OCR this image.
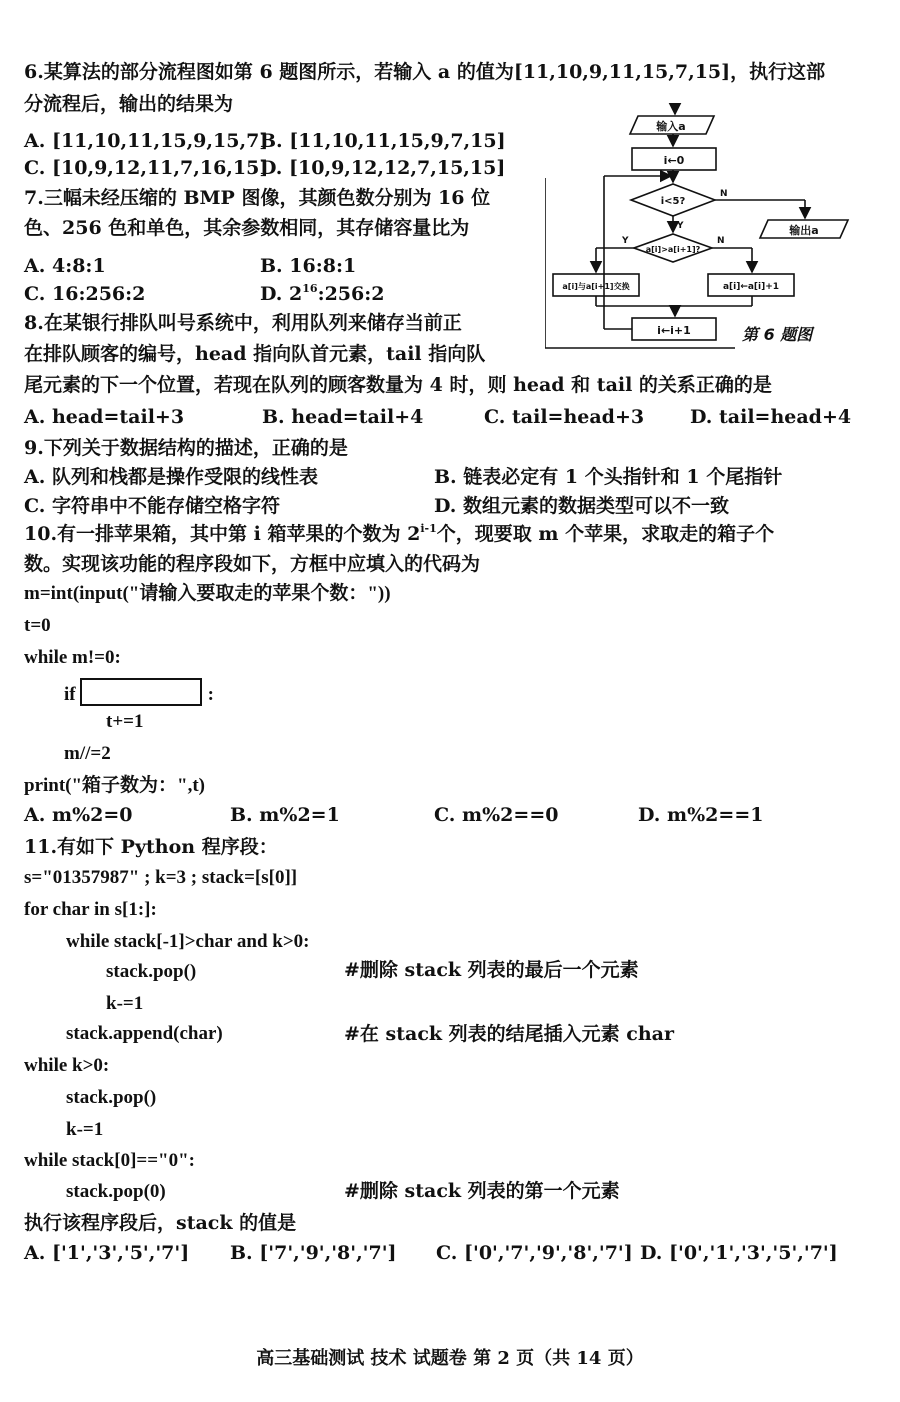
6.某算法的部分流程图如第 6 题图所示，若输入 a 的值为[11,10,9,11,15,7,15]，执行这部
分流程后，输出的结果为
A. [11,10,11,15,9,15,7]
B. [11,10,11,15,9,7,15]
C. [10,9,12,11,7,16,15]
D. [10,9,12,12,7,15,15]
输入a
i←0
i<5?
N
Y	输出a
a[i]>a[i+1]?
Y	N
a[i]与a[i+1]交换	a[i]←a[i]+1
i←i+1	第 6 题图
7.三幅未经压缩的 BMP 图像，其颜色数分别为 16 位
色、256 色和单色，其余参数相同，其存储容量比为
A. 4:8:1	B. 16:8:1
C. 16:256:2	D. $2^{16}:256:2$
8.在某银行排队叫号系统中，利用队列来储存当前正
在排队顾客的编号，head 指向队首元素，tail 指向队
尾元素的下一个位置，若现在队列的顾客数量为 4 时，则 head 和 tail 的关系正确的是
A. head=tail+3	B. head=tail+4	C. tail=head+3 D. tail=head+4
9.下列关于数据结构的描述，正确的是
A. 队列和栈都是操作受限的线性表	B. 链表必定有 1 个头指针和 1 个尾指针
C. 字符串中不能存储空格字符	D. 数组元素的数据类型可以不一致
10.有一排苹果箱，其中第 i 箱苹果的个数为 2$^{i-1}$个，现要取 m 个苹果，求取走的箱子个
数。实现该功能的程序段如下，方框中应填入的代码为
m=int(input("请输入要取走的苹果个数："))
t=0
while m!=0:
if	:
t+=1
m//=2
print("箱子数为：",t)
A. m%2=0	B. m%2=1	C. m%2==0	D. m%2==1
11.有如下 Python 程序段：
s="01357987" ; k=3 ; stack=[s[0]]
for char in s[1:]:
while stack[-1]>char and k>0:
stack.pop()	#删除 stack 列表的最后一个元素
k-=1
stack.append(char)	#在 stack 列表的结尾插入元素 char
while k>0:
stack.pop()
k-=1
while stack[0]=="0":
stack.pop(0)	#删除 stack 列表的第一个元素
执行该程序段后，stack 的值是
A. ['1','3','5','7'] B. ['7','9','8','7'] C. ['0','7','9','8','7'] D. ['0','1','3','5','7']
高三基础测试 技术 试题卷 第 2 页（共 14 页）
